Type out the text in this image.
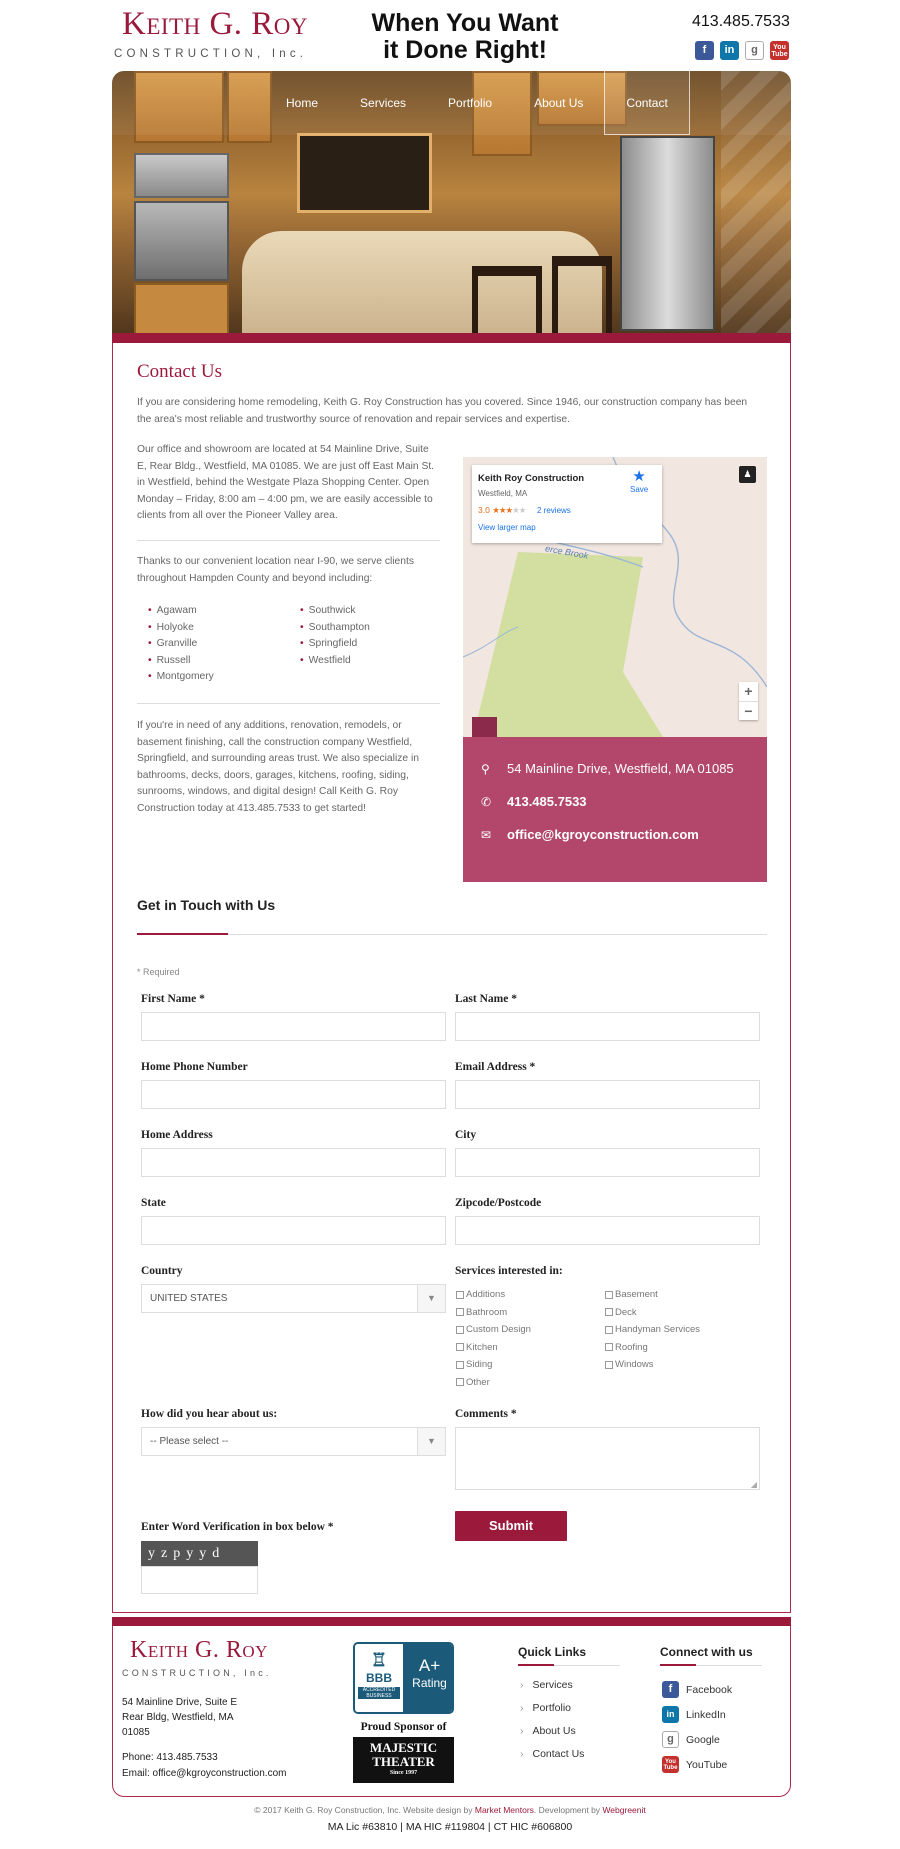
Keith G. Roy
CONSTRUCTION, Inc.
When You Want
it Done Right!
413.485.7533
f	in	g	You
Tube
Home	Services	Portfolio	About Us	Contact
Contact Us

If you are considering home remodeling, Keith G. Roy Construction has you covered. Since 1946, our construction company has been the area's most reliable and trustworthy source of renovation and repair services and expertise.

Our office and showroom are located at 54 Mainline Drive, Suite E, Rear Bldg., Westfield, MA 01085. We are just off East Main St. in Westfield, behind the Westgate Plaza Shopping Center. Open Monday – Friday, 8:00 am – 4:00 pm, we are easily accessible to clients from all over the Pioneer Valley area.

Thanks to our convenient location near I-90, we serve clients throughout Hampden County and beyond including:

• Agawam
• Holyoke
• Granville
• Russell
• Montgomery
• Southwick
• Southampton
• Springfield
• Westfield

If you're in need of any additions, renovation, remodels, or basement finishing, call the construction company Westfield, Springfield, and surrounding areas trust. We also specialize in bathrooms, decks, doors, garages, kitchens, roofing, siding, sunrooms, windows, and digital design! Call Keith G. Roy Construction today at 413.485.7533 to get started!

erce Brook
♟
+
−
Keith Roy Construction
Westfield, MA
3.0 ★★★★★ 2 reviews
★
Save
View larger map
⚲ 54 Mainline Drive, Westfield, MA 01085
✆ 413.485.7533
✉ office@kgroyconstruction.com
Get in Touch with Us
* Required
First Name *	Last Name *
Home Phone Number	Email Address *
Home Address	City
State	Zipcode/Postcode
Country
UNITED STATES	▼
Services interested in:
Additions
Bathroom
Custom Design
Kitchen
Siding
Other
Basement
Deck
Handyman Services
Roofing
Windows
How did you hear about us:
-- Please select --	▼
Comments *
◢
Enter Word Verification in box below *
yzpyyd
Submit
Keith G. Roy
CONSTRUCTION, Inc.
54 Mainline Drive, Suite E
Rear Bldg, Westfield, MA
01085
Phone: 413.485.7533
Email: office@kgroyconstruction.com
♖
BBB
ACCREDITED BUSINESS
A+
Rating
Proud Sponsor of
MAJESTIC
THEATER
Since 1997
Quick Links
› Services
› Portfolio
› About Us
› Contact Us
Connect with us
f	Facebook
in	LinkedIn
g	Google
You
Tube YouTube
© 2017 Keith G. Roy Construction, Inc. Website design by Market Mentors. Development by Webgreenit
MA Lic #63810 | MA HIC #119804 | CT HIC #606800
